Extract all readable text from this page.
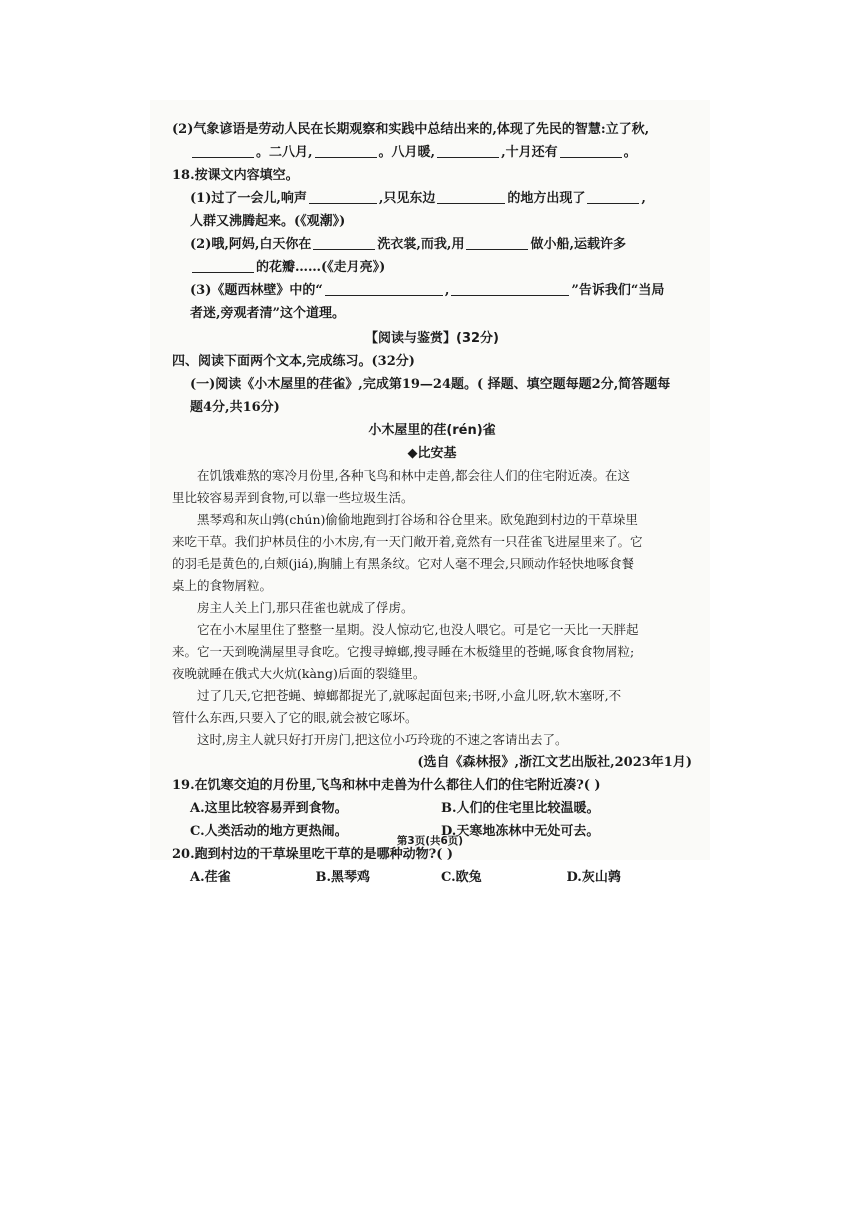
(2)气象谚语是劳动人民在长期观察和实践中总结出来的,体现了先民的智慧:立了秋,
。二八月,	。八月暖,	,十月还有	。
18.按课文内容填空。
(1)过了一会儿,响声	,只见东边	的地方出现了	,
人群又沸腾起来。(《观潮》)
(2)哦,阿妈,白天你在	洗衣裳,而我,用	做小船,运载许多
的花瓣……(《走月亮》)
(3)《题西林壁》中的“	,	”告诉我们“当局
者迷,旁观者清”这个道理。
【阅读与鉴赏】(32分)
四、阅读下面两个文本,完成练习。(32分)
(一)阅读《小木屋里的荏雀》,完成第19—24题。( 择题、填空题每题2分,简答题每
题4分,共16分)
小木屋里的荏(rén)雀
◆比安基

在饥饿难熬的寒冷月份里,各种飞鸟和林中走兽,都会往人们的住宅附近凑。在这

里比较容易弄到食物,可以靠一些垃圾生活。

黑琴鸡和灰山鹑(chún)偷偷地跑到打谷场和谷仓里来。欧兔跑到村边的干草垛里

来吃干草。我们护林员住的小木房,有一天门敞开着,竟然有一只荏雀飞进屋里来了。它

的羽毛是黄色的,白颊(jiá),胸脯上有黑条纹。它对人毫不理会,只顾动作轻快地啄食餐

桌上的食物屑粒。

房主人关上门,那只荏雀也就成了俘虏。

它在小木屋里住了整整一星期。没人惊动它,也没人喂它。可是它一天比一天胖起

来。它一天到晚满屋里寻食吃。它搜寻蟑螂,搜寻睡在木板缝里的苍蝇,啄食食物屑粒;

夜晚就睡在俄式大火炕(kàng)后面的裂缝里。

过了几天,它把苍蝇、蟑螂都捉光了,就啄起面包来;书呀,小盒儿呀,软木塞呀,不

管什么东西,只要入了它的眼,就会被它啄坏。

这时,房主人就只好打开房门,把这位小巧玲珑的不速之客请出去了。

(选自《森林报》,浙江文艺出版社,2023年1月)
19.在饥寒交迫的月份里,飞鸟和林中走兽为什么都往人们的住宅附近凑?( )
A.这里比较容易弄到食物。	B.人们的住宅里比较温暖。
C.人类活动的地方更热闹。	D.天寒地冻林中无处可去。
20.跑到村边的干草垛里吃干草的是哪种动物?( )
A.荏雀	B.黑琴鸡	C.欧兔	D.灰山鹑
第3页(共6页)
